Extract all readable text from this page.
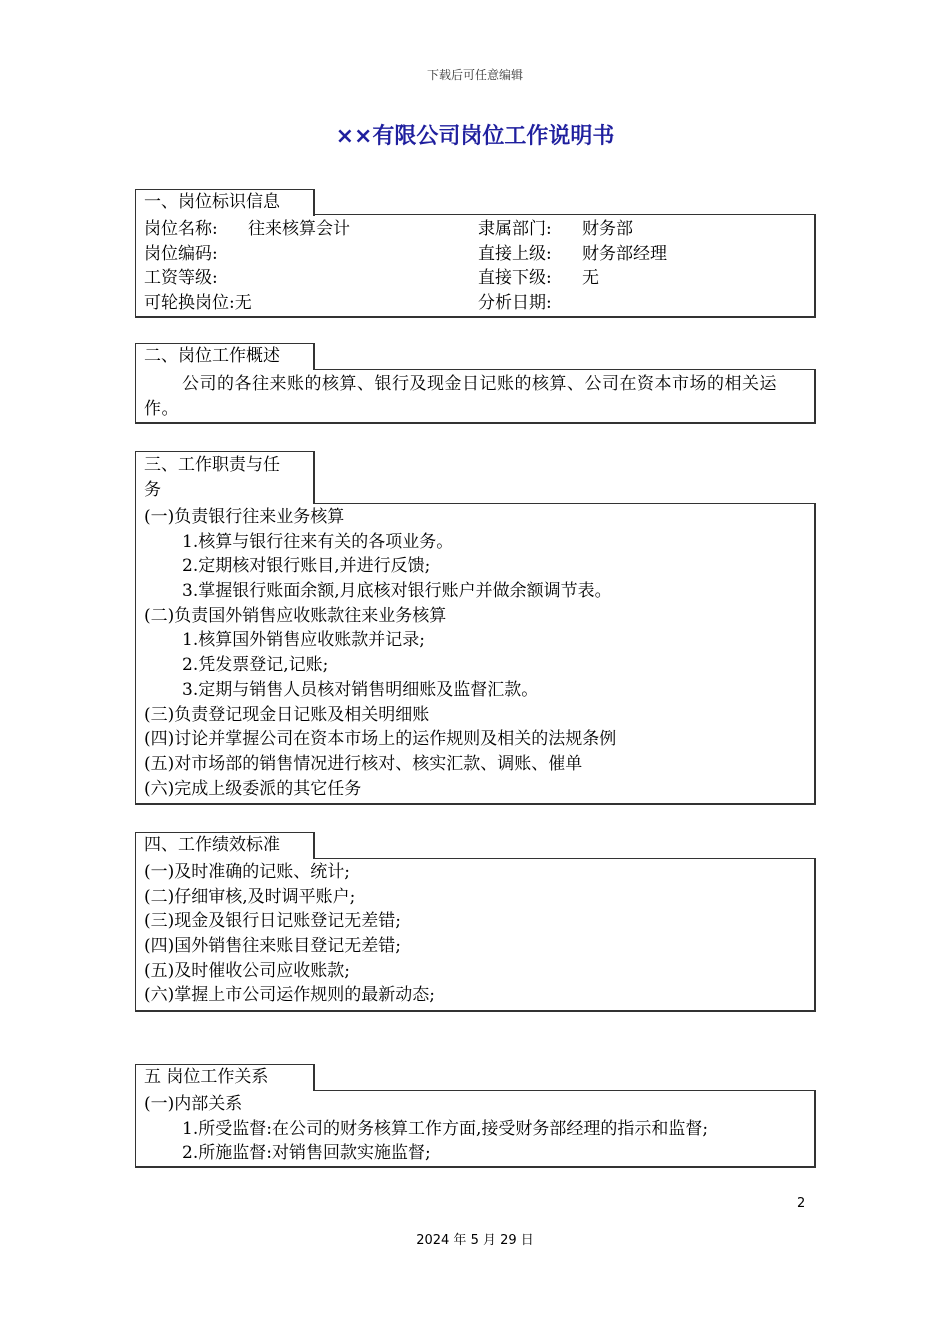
下载后可任意编辑
××有限公司岗位工作说明书
一、岗位标识信息
岗位名称:	往来核算会计	隶属部门:	财务部
岗位编码:	直接上级:	财务部经理
工资等级:	直接下级:	无
可轮换岗位:无	分析日期:
二、岗位工作概述
公司的各往来账的核算、银行及现金日记账的核算、公司在资本市场的相关运作。
三、工作职责与任
务
(一)负责银行往来业务核算
1.核算与银行往来有关的各项业务。
2.定期核对银行账目,并进行反馈;
3.掌握银行账面余额,月底核对银行账户并做余额调节表。
(二)负责国外销售应收账款往来业务核算
1.核算国外销售应收账款并记录;
2.凭发票登记,记账;
3.定期与销售人员核对销售明细账及监督汇款。
(三)负责登记现金日记账及相关明细账
(四)讨论并掌握公司在资本市场上的运作规则及相关的法规条例
(五)对市场部的销售情况进行核对、核实汇款、调账、催单
(六)完成上级委派的其它任务
四、工作绩效标准
(一)及时准确的记账、统计;
(二)仔细审核,及时调平账户;
(三)现金及银行日记账登记无差错;
(四)国外销售往来账目登记无差错;
(五)及时催收公司应收账款;
(六)掌握上市公司运作规则的最新动态;
五 岗位工作关系
(一)内部关系
1.所受监督:在公司的财务核算工作方面,接受财务部经理的指示和监督;
2.所施监督:对销售回款实施监督;
2
2024 年 5 月 29 日
